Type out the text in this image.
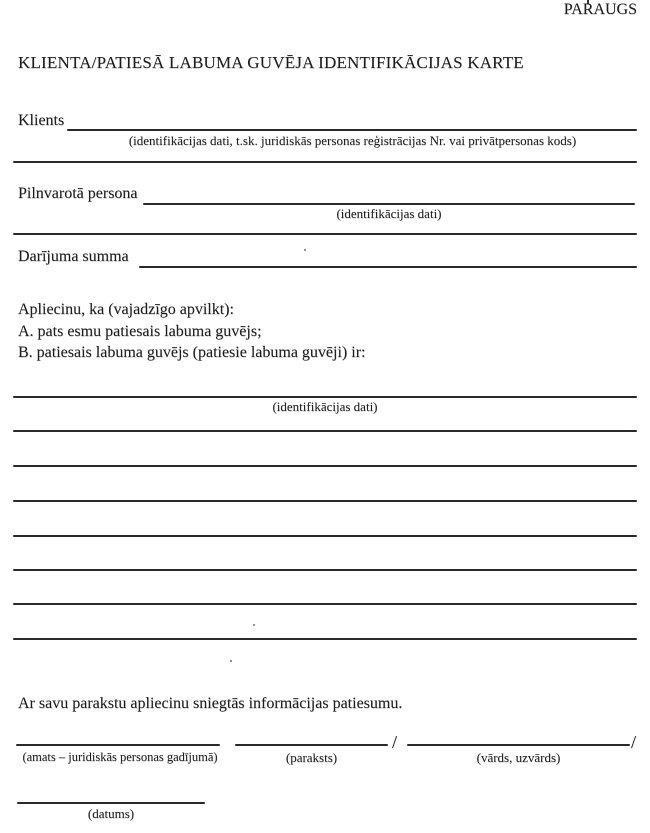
PARAUGS
KLIENTA/PATIESĀ LABUMA GUVĒJA IDENTIFIKĀCIJAS KARTE
Klients
(identifikācijas dati, t.sk. juridiskās personas reģistrācijas Nr. vai privātpersonas kods)
Pilnvarotā persona
(identifikācijas dati)
Darījuma summa
Apliecinu, ka (vajadzīgo apvilkt):
A. pats esmu patiesais labuma guvējs;
B. patiesais labuma guvējs (patiesie labuma guvēji) ir:
(identifikācijas dati)
Ar savu parakstu apliecinu sniegtās informācijas patiesumu.
(amats – juridiskās personas gadījumā)	(paraksts)
/
(vārds, uzvārds)
/
(datums)
